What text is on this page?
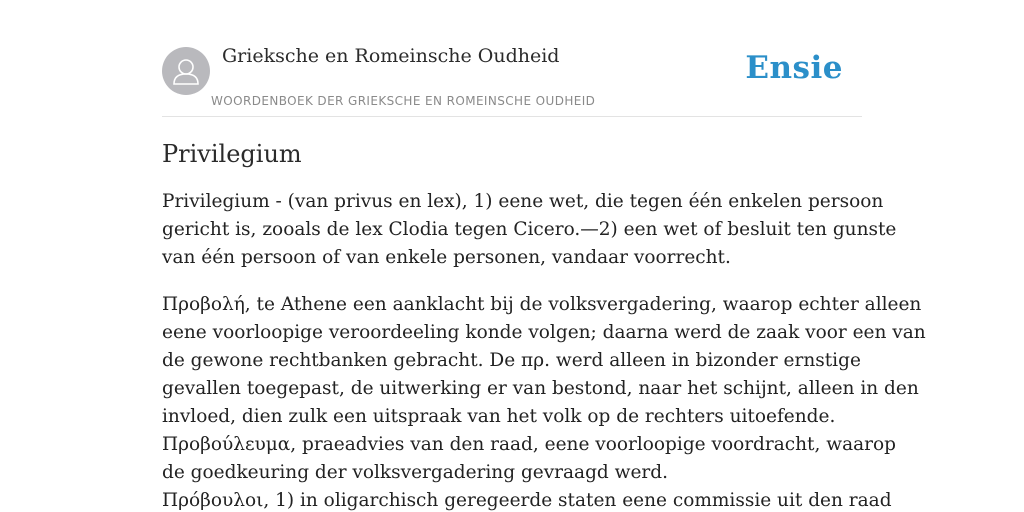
Grieksche en Romeinsche Oudheid
WOORDENBOEK DER GRIEKSCHE EN ROMEINSCHE OUDHEID
Ensie
Privilegium

Privilegium - (van privus en lex), 1) eene wet, die tegen één enkelen persoon
gericht is, zooals de lex Clodia tegen Cicero.—2) een wet of besluit ten gunste
van één persoon of van enkele personen, vandaar voorrecht.

Προβολή, te Athene een aanklacht bij de volksvergadering, waarop echter alleen
eene voorloopige veroordeeling konde volgen; daarna werd de zaak voor een van
de gewone rechtbanken gebracht. De πρ. werd alleen in bizonder ernstige
gevallen toegepast, de uitwerking er van bestond, naar het schijnt, alleen in den
invloed, dien zulk een uitspraak van het volk op de rechters uitoefende.
Προβούλευμα, praeadvies van den raad, eene voorloopige voordracht, waarop
de goedkeuring der volksvergadering gevraagd werd.
Πρόβουλοι, 1) in oligarchisch geregeerde staten eene commissie uit den raad
